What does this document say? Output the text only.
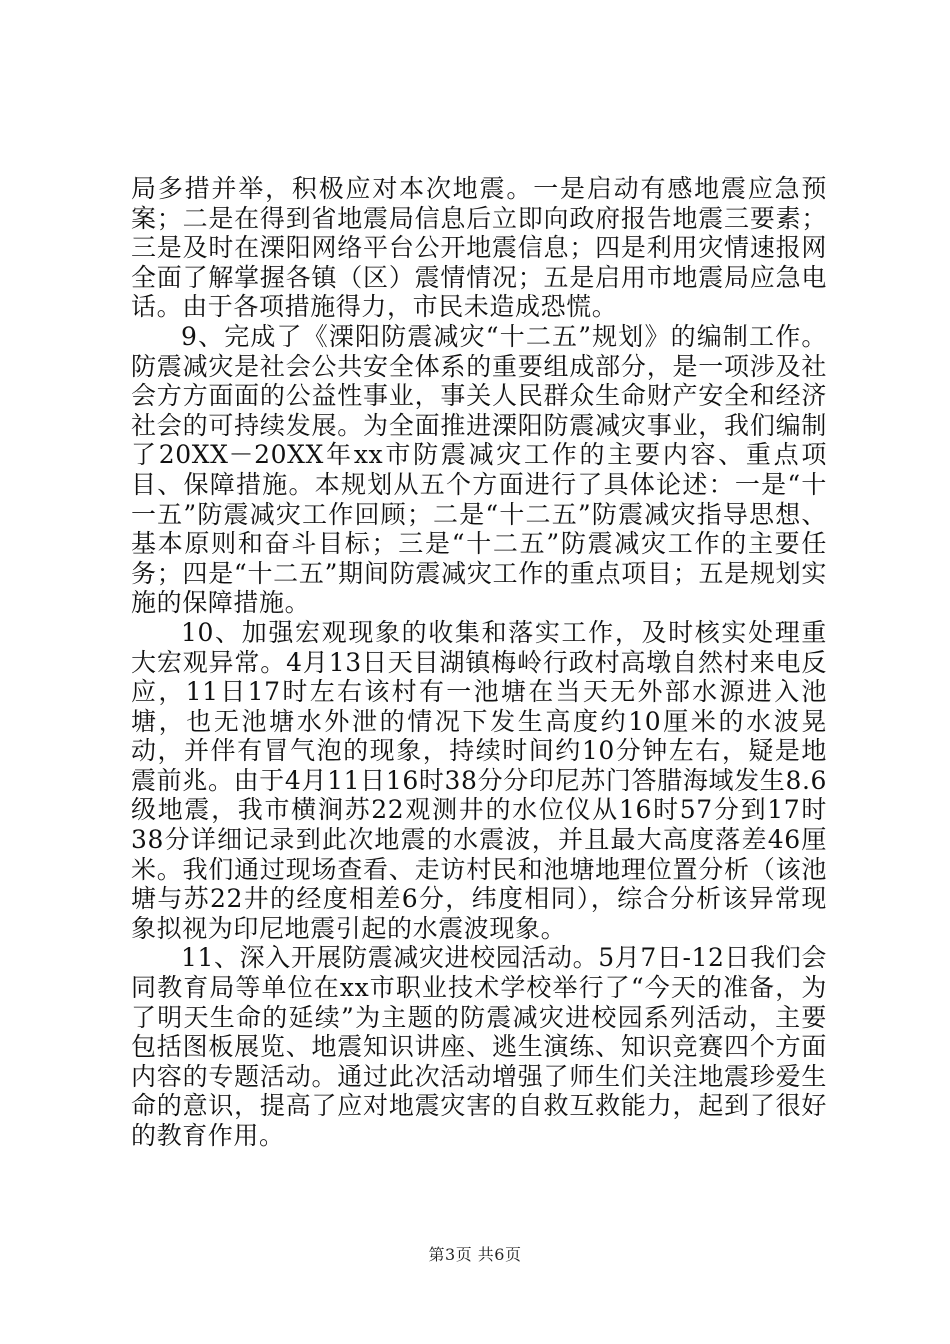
局多措并举，积极应对本次地震。一是启动有感地震应急预案；二是在得到省地震局信息后立即向政府报告地震三要素；三是及时在溧阳网络平台公开地震信息；四是利用灾情速报网全面了解掌握各镇（区）震情情况；五是启用市地震局应急电话。由于各项措施得力，市民未造成恐慌。

9、完成了《溧阳防震减灾“十二五”规划》的编制工作。防震减灾是社会公共安全体系的重要组成部分，是一项涉及社会方方面面的公益性事业，事关人民群众生命财产安全和经济社会的可持续发展。为全面推进溧阳防震减灾事业，我们编制了20XX－20XX年xx市防震减灾工作的主要内容、重点项目、保障措施。本规划从五个方面进行了具体论述：一是“十一五”防震减灾工作回顾；二是“十二五”防震减灾指导思想、基本原则和奋斗目标；三是“十二五”防震减灾工作的主要任务；四是“十二五”期间防震减灾工作的重点项目；五是规划实施的保障措施。

10、加强宏观现象的收集和落实工作，及时核实处理重大宏观异常。4月13日天目湖镇梅岭行政村高墩自然村来电反应，11日17时左右该村有一池塘在当天无外部水源进入池塘，也无池塘水外泄的情况下发生高度约10厘米的水波晃动，并伴有冒气泡的现象，持续时间约10分钟左右，疑是地震前兆。由于4月11日16时38分分印尼苏门答腊海域发生8.6级地震，我市横涧苏22观测井的水位仪从16时57分到17时38分详细记录到此次地震的水震波，并且最大高度落差46厘米。我们通过现场查看、走访村民和池塘地理位置分析（该池塘与苏22井的经度相差6分，纬度相同），综合分析该异常现象拟视为印尼地震引起的水震波现象。

11、深入开展防震减灾进校园活动。5月7日-12日我们会同教育局等单位在xx市职业技术学校举行了“今天的准备，为了明天生命的延续”为主题的防震减灾进校园系列活动，主要包括图板展览、地震知识讲座、逃生演练、知识竞赛四个方面内容的专题活动。通过此次活动增强了师生们关注地震珍爱生命的意识，提高了应对地震灾害的自救互救能力，起到了很好的教育作用。

第3页 共6页
